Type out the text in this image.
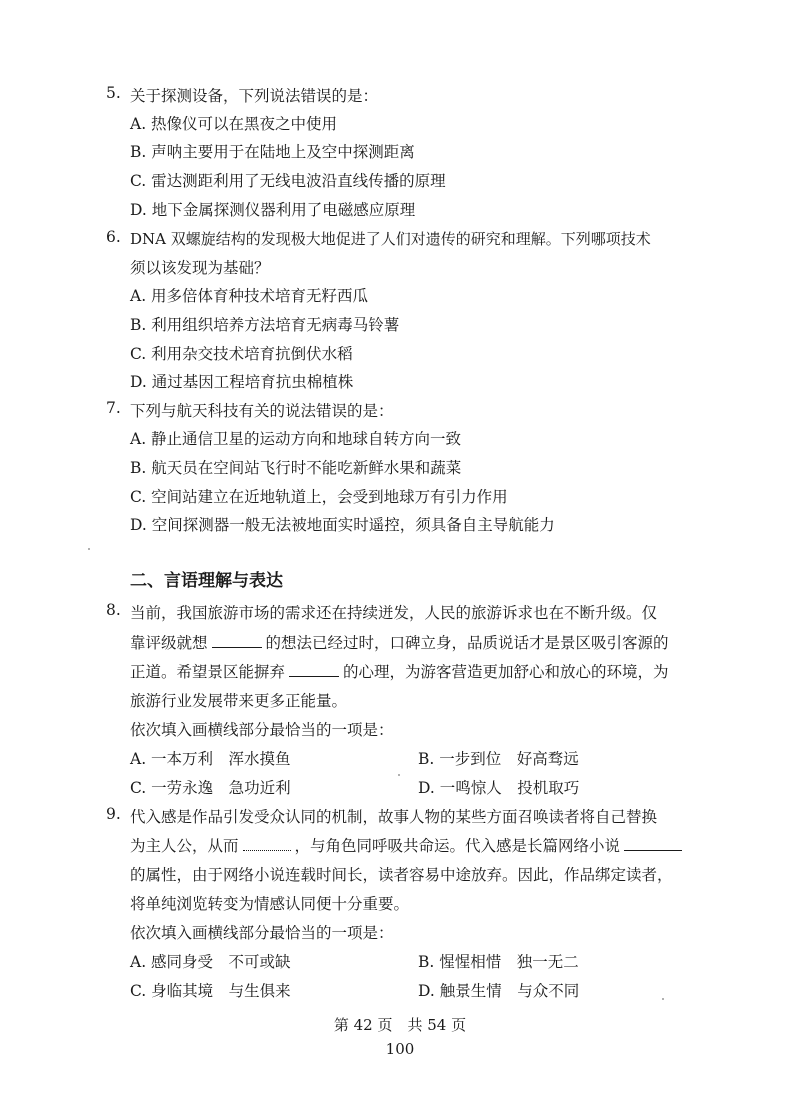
5. 关于探测设备，下列说法错误的是：
A. 热像仪可以在黑夜之中使用
B. 声呐主要用于在陆地上及空中探测距离
C. 雷达测距利用了无线电波沿直线传播的原理
D. 地下金属探测仪器利用了电磁感应原理
6. DNA 双螺旋结构的发现极大地促进了人们对遗传的研究和理解。下列哪项技术
须以该发现为基础？
A. 用多倍体育种技术培育无籽西瓜
B. 利用组织培养方法培育无病毒马铃薯
C. 利用杂交技术培育抗倒伏水稻
D. 通过基因工程培育抗虫棉植株
7. 下列与航天科技有关的说法错误的是：
A. 静止通信卫星的运动方向和地球自转方向一致
B. 航天员在空间站飞行时不能吃新鲜水果和蔬菜
C. 空间站建立在近地轨道上，会受到地球万有引力作用
D. 空间探测器一般无法被地面实时遥控，须具备自主导航能力
二、言语理解与表达
8. 当前，我国旅游市场的需求还在持续迸发，人民的旅游诉求也在不断升级。仅
靠评级就想	的想法已经过时，口碑立身，品质说话才是景区吸引客源的
正道。希望景区能摒弃	的心理，为游客营造更加舒心和放心的环境，为
旅游行业发展带来更多正能量。
依次填入画横线部分最恰当的一项是：
A. 一本万利　浑水摸鱼	B. 一步到位　好高骛远
C. 一劳永逸　急功近利	D. 一鸣惊人　投机取巧
9. 代入感是作品引发受众认同的机制，故事人物的某些方面召唤读者将自己替换
为主人公，从而	，与角色同呼吸共命运。代入感是长篇网络小说
的属性，由于网络小说连载时间长，读者容易中途放弃。因此，作品绑定读者，
将单纯浏览转变为情感认同便十分重要。
依次填入画横线部分最恰当的一项是：
A. 感同身受　不可或缺	B. 惺惺相惜　独一无二
C. 身临其境　与生俱来	D. 触景生情　与众不同
第 42 页　共 54 页
100
